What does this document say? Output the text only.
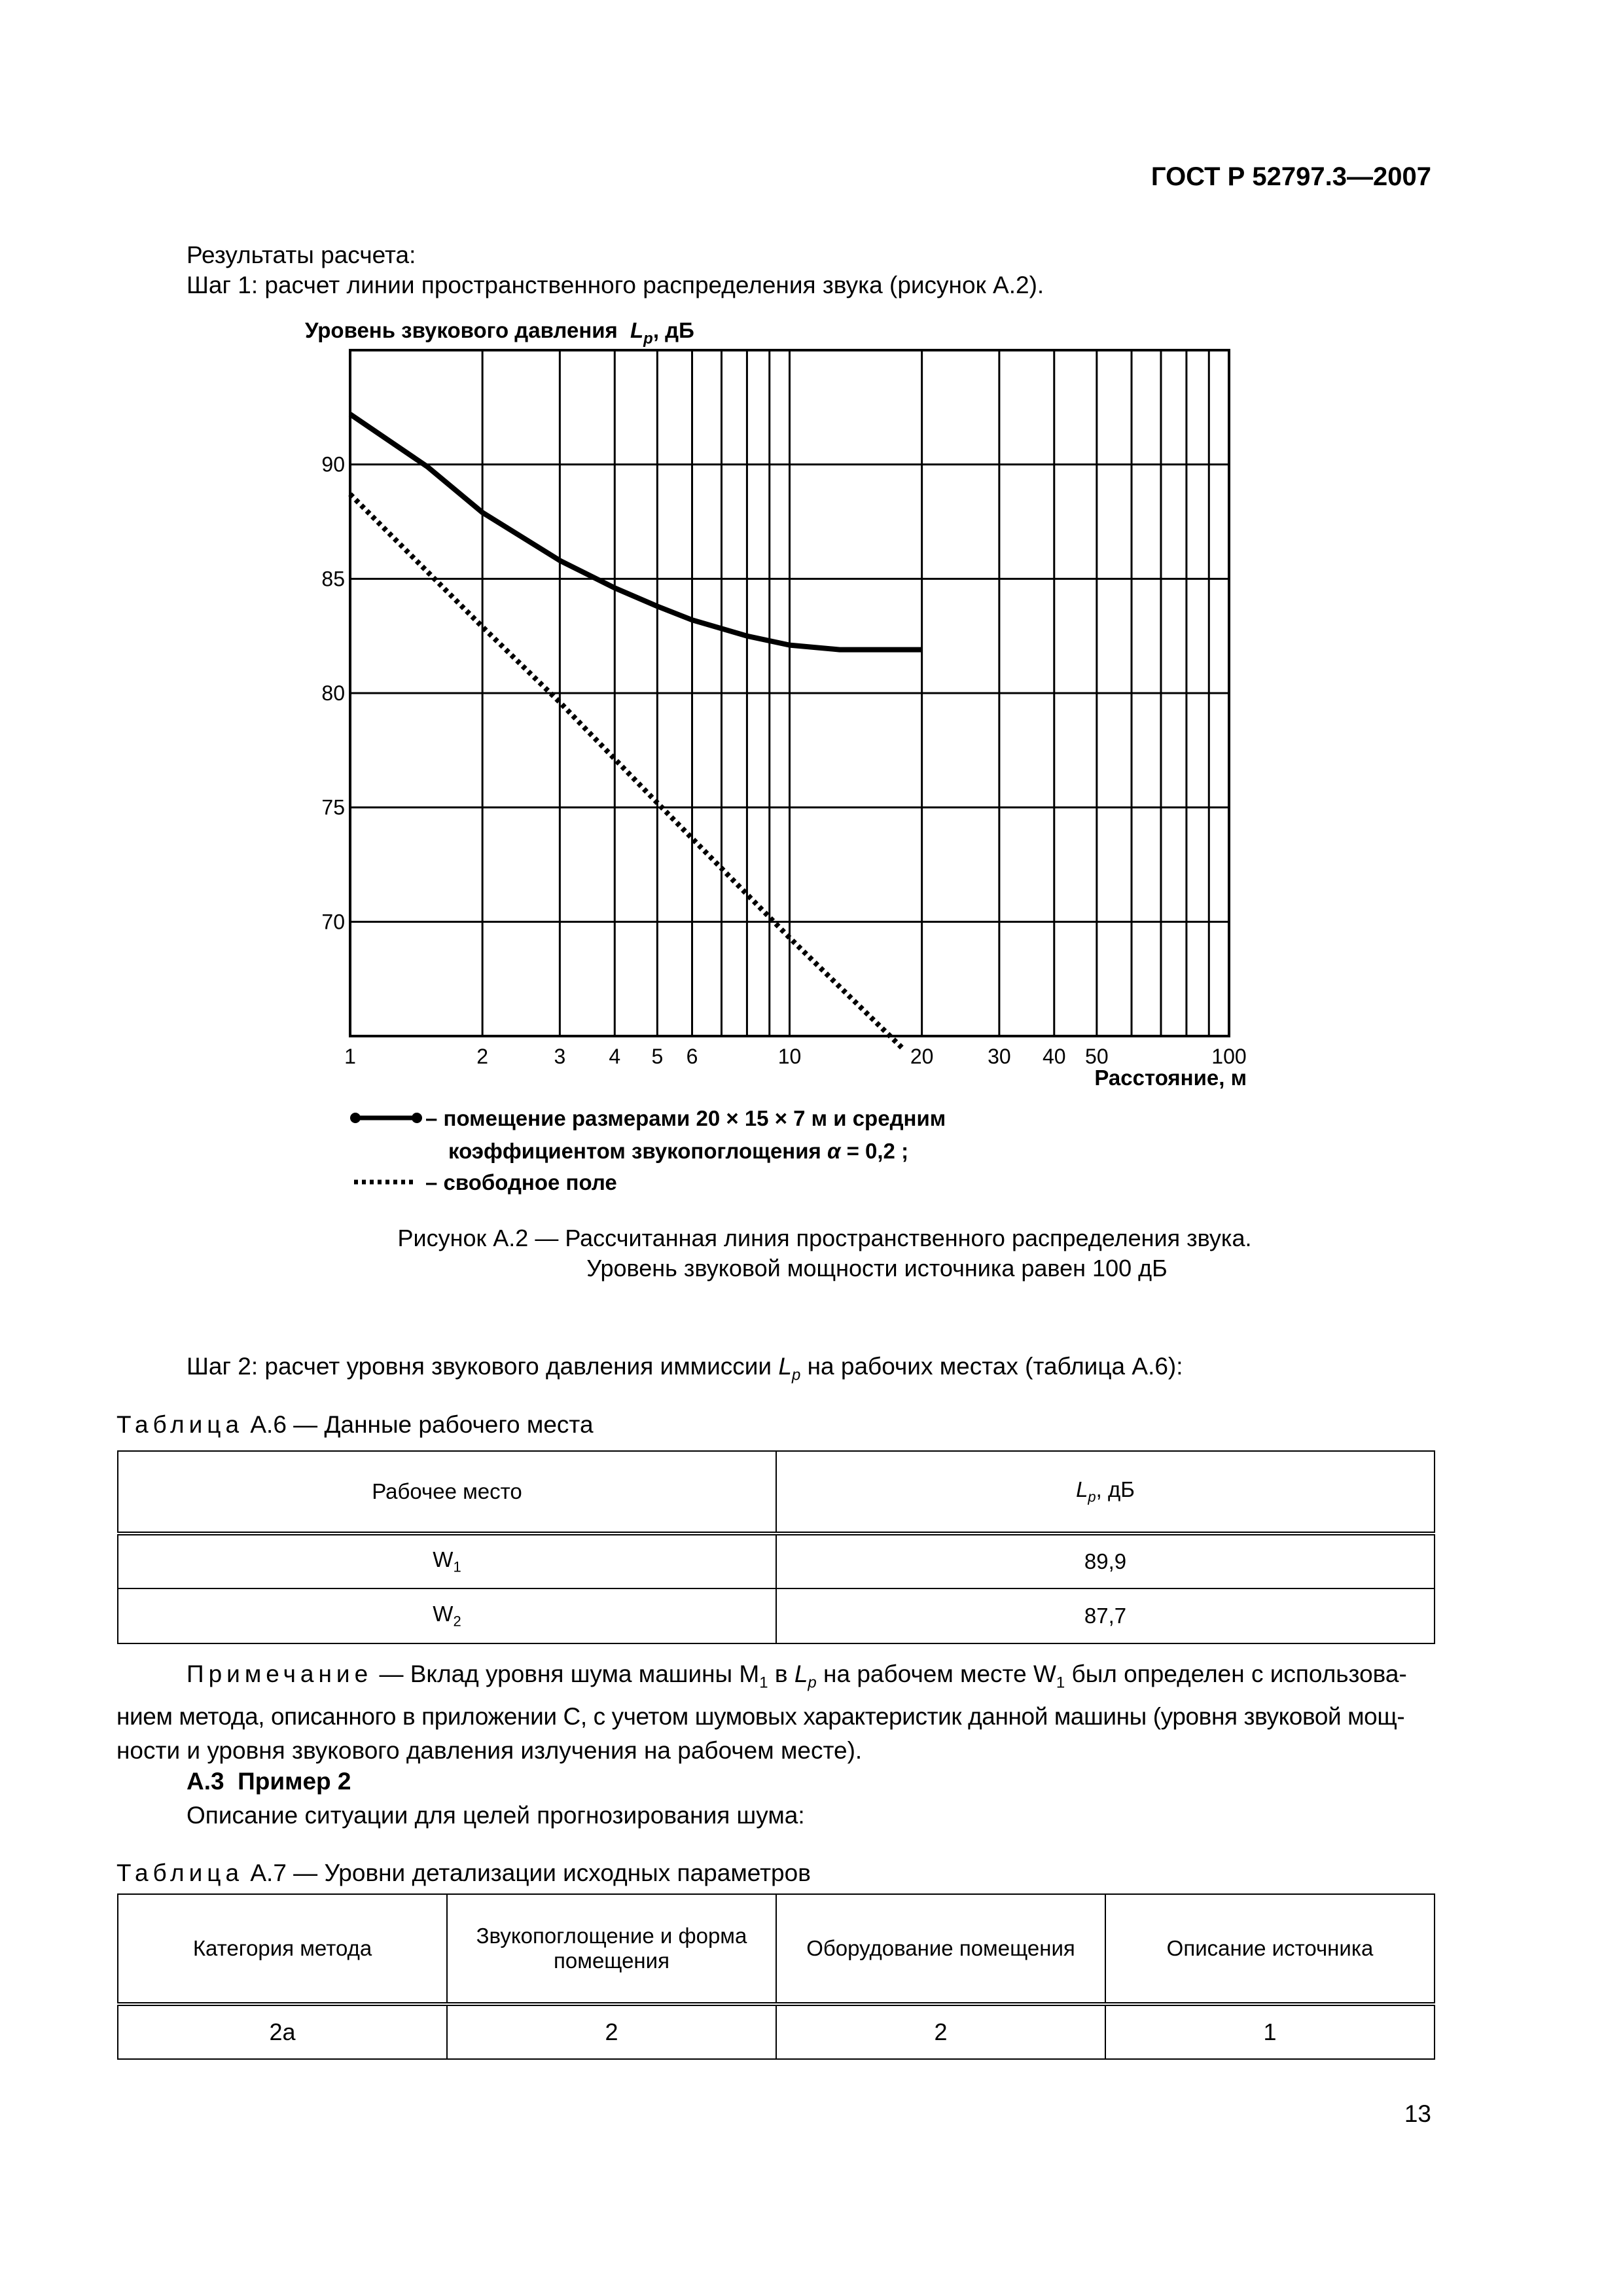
ГОСТ Р 52797.3—2007
Результаты расчета:
Шаг 1: расчет линии пространственного распределения звука (рисунок А.2).
Уровень звукового давления $L_p$, дБ
70
75
80
85
90
1	2	3 4 5 6	10	20	30 40 50	100
Расстояние, м
– помещение размерами 20 × 15 × 7 м и средним
коэффициентом звукопоглощения α = 0,2 ;
– свободное поле
Рисунок А.2 — Рассчитанная линия пространственного распределения звука.
Уровень звуковой мощности источника равен 100 дБ
Шаг 2: расчет уровня звукового давления иммиссии $L_p$ на рабочих местах (таблица А.6):
Таблица А.6 — Данные рабочего места
Рабочее место	$L_p$, дБ
$W_1$	89,9
$W_2$	87,7
Примечание — Вклад уровня шума машины $М_1$ в $L_p$ на рабочем месте $W_1$ был определен с использова-
нием метода, описанного в приложении С, с учетом шумовых характеристик данной машины (уровня звуковой мощ-
ности и уровня звукового давления излучения на рабочем месте).
А.3  Пример 2
Описание ситуации для целей прогнозирования шума:
Таблица А.7 — Уровни детализации исходных параметров
Категория метода	Звукопоглощение и форма помещения	Оборудование помещения	Описание источника
2а	2	2	1
13
